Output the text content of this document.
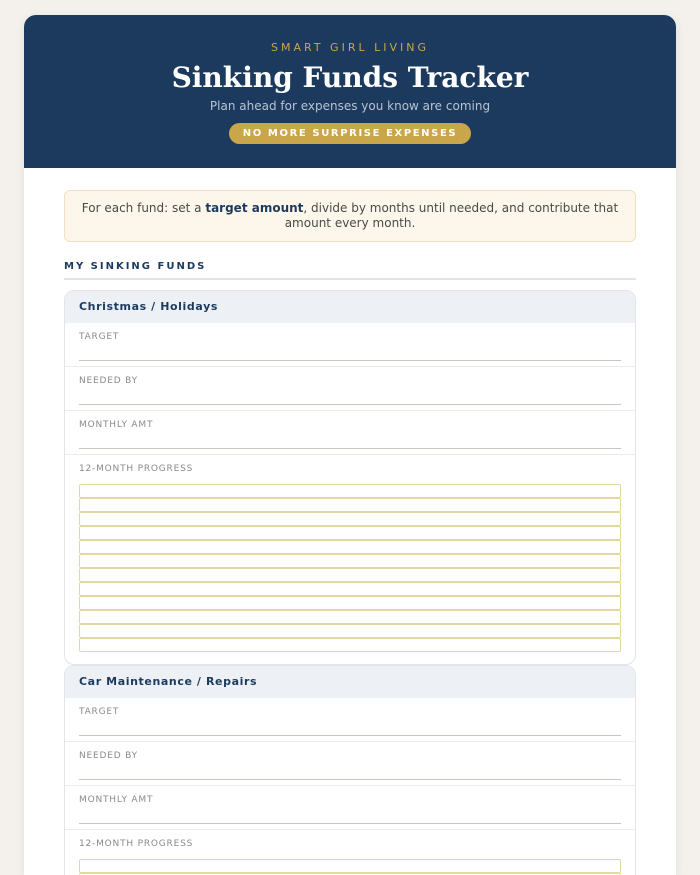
SMART GIRL LIVING
Sinking Funds Tracker
Plan ahead for expenses you know are coming
NO MORE SURPRISE EXPENSES
For each fund: set a target amount, divide by months until needed, and contribute that amount every month.
MY SINKING FUNDS
Christmas / Holidays
TARGET
NEEDED BY
MONTHLY AMT
12-MONTH PROGRESS
Car Maintenance / Repairs
TARGET
NEEDED BY
MONTHLY AMT
12-MONTH PROGRESS
